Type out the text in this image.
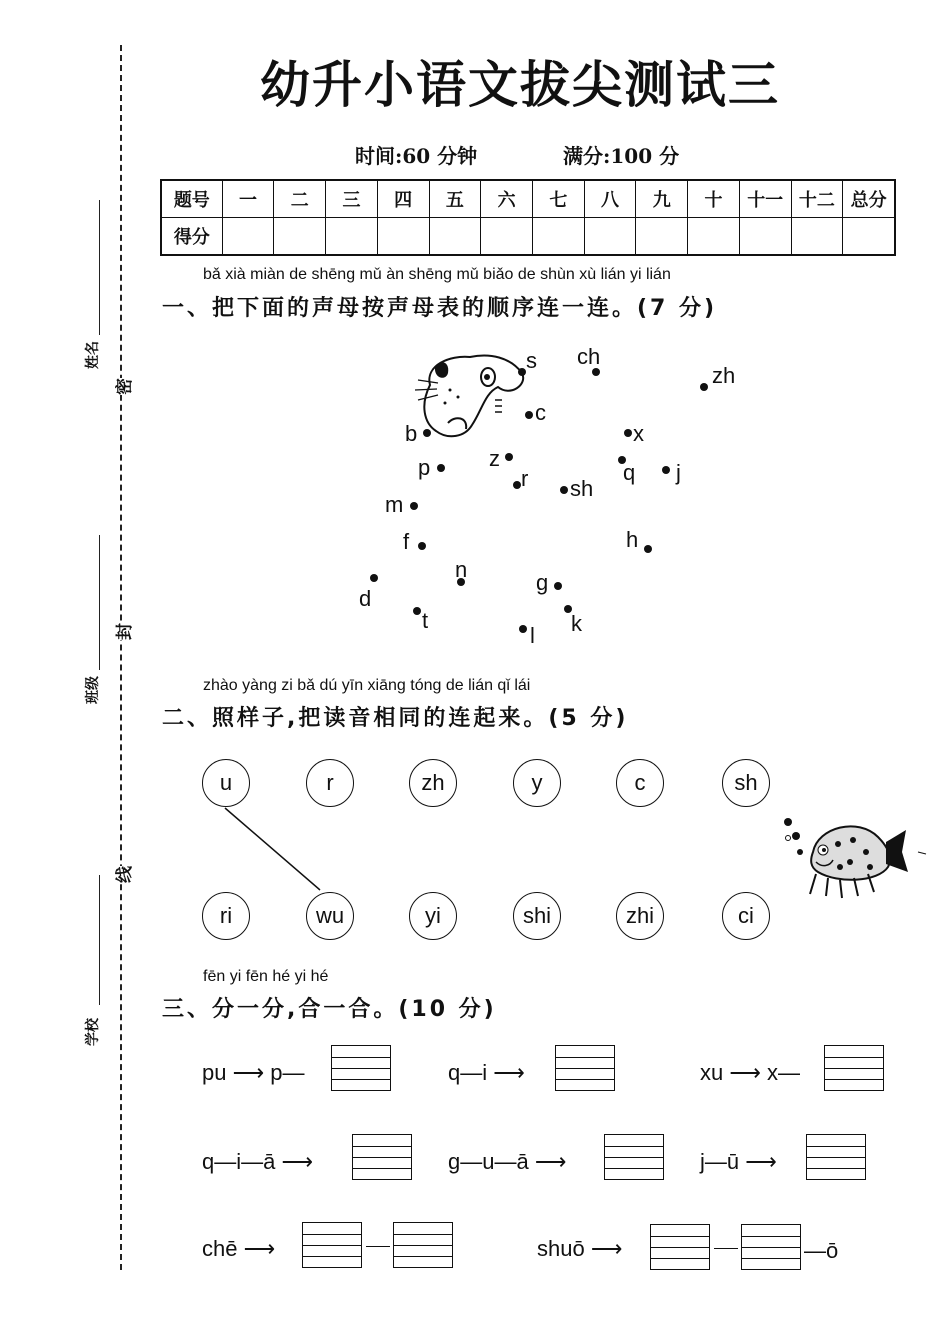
姓名
班级
学校
密
封
线
幼升小语文拔尖测试三
时间:60 分钟	满分:100 分
题号	一	二	三	四	五	六	七	八	九	十	十一	十二	总分
得分													
bǎ xià miàn de shēng mǔ àn shēng mǔ biǎo de shùn xù lián yi lián
一、把下面的声母按声母表的顺序连一连。(7 分)
s ch
zh
c
x
b
z
p	q j
r sh
m
f	h
n
g
d
t	k
l
zhào yàng zi bǎ dú yīn xiāng tóng de lián qǐ lái
二、照样子,把读音相同的连起来。(5 分)
u	r	zh	y	c	sh
ri	wu	yi	shi	zhi	ci
fēn yi fēn hé yi hé
三、分一分,合一合。(10 分)
pu ⟶ p—	q—i ⟶	xu ⟶ x—
q—i—ā ⟶	g—u—ā ⟶	j—ū ⟶
chē ⟶	shuō ⟶	—ō
